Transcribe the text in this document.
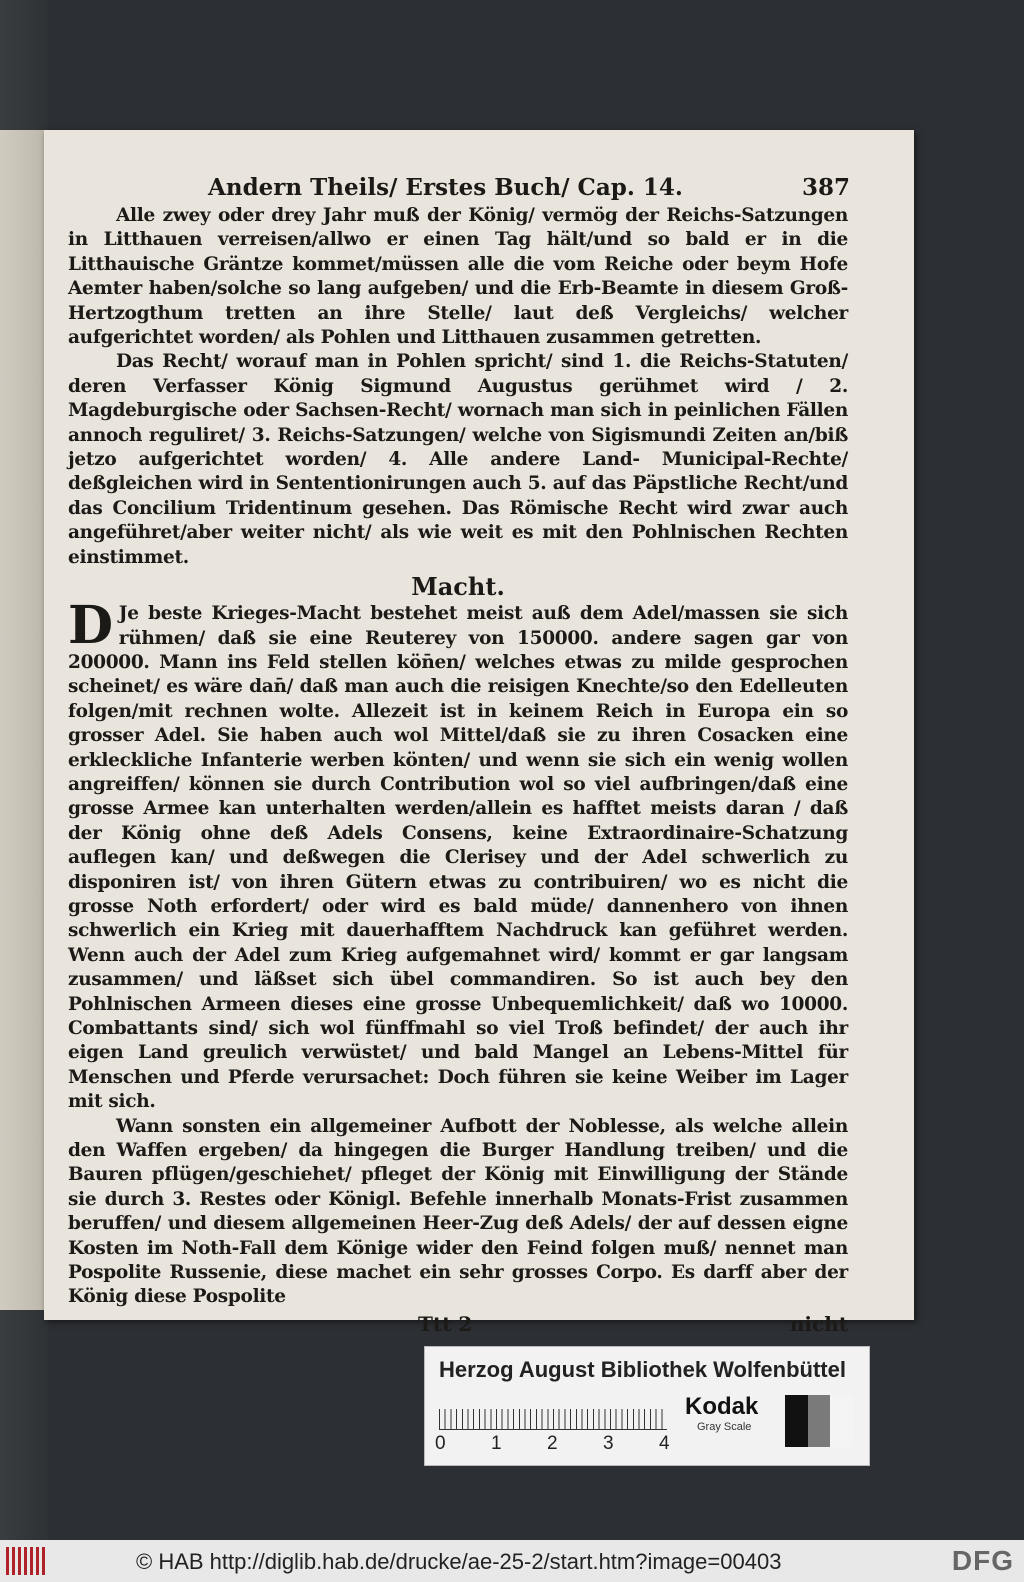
Andern Theils/ Erstes Buch/ Cap. 14.	387

Alle zwey oder drey Jahr muß der König/ vermög der Reichs-Satzungen in Litthauen verreisen/allwo er einen Tag hält/und so bald er in die Litthauische Gräntze kommet/müssen alle die vom Reiche oder beym Hofe Aemter haben/solche so lang aufgeben/ und die Erb-Beamte in diesem Groß-Hertzogthum tretten an ihre Stelle/ laut deß Vergleichs/ welcher aufgerichtet worden/ als Pohlen und Litthauen zusammen getretten.

Das Recht/ worauf man in Pohlen spricht/ sind 1. die Reichs-Statuten/ deren Verfasser König Sigmund Augustus gerühmet wird / 2. Magdeburgische oder Sachsen-Recht/ wornach man sich in peinlichen Fällen annoch reguliret/ 3. Reichs-Satzungen/ welche von Sigismundi Zeiten an/biß jetzo aufgerichtet worden/ 4. Alle andere Land- Municipal-Rechte/ deßgleichen wird in Sententionirungen auch 5. auf das Päpstliche Recht/und das Concilium Tridentinum gesehen. Das Römische Recht wird zwar auch angeführet/aber weiter nicht/ als wie weit es mit den Pohlnischen Rechten einstimmet.

Macht.

D Je beste Krieges-Macht bestehet meist auß dem Adel/massen sie sich rühmen/ daß sie eine Reuterey von 150000. andere sagen gar von 200000. Mann ins Feld stellen kön̄en/ welches etwas zu milde gesprochen scheinet/ es wäre dan̄/ daß man auch die reisigen Knechte/so den Edelleuten folgen/mit rechnen wolte. Allezeit ist in keinem Reich in Europa ein so grosser Adel. Sie haben auch wol Mittel/daß sie zu ihren Cosacken eine erkleckliche Infanterie werben könten/ und wenn sie sich ein wenig wollen angreiffen/ können sie durch Contribution wol so viel aufbringen/daß eine grosse Armee kan unterhalten werden/allein es hafftet meists daran / daß der König ohne deß Adels Consens, keine Extraordinaire-Schatzung auflegen kan/ und deßwegen die Clerisey und der Adel schwerlich zu disponiren ist/ von ihren Gütern etwas zu contribuiren/ wo es nicht die grosse Noth erfordert/ oder wird es bald müde/ dannenhero von ihnen schwerlich ein Krieg mit dauerhafftem Nachdruck kan geführet werden. Wenn auch der Adel zum Krieg aufgemahnet wird/ kommt er gar langsam zusammen/ und läßset sich übel commandiren. So ist auch bey den Pohlnischen Armeen dieses eine grosse Unbequemlichkeit/ daß wo 10000. Combattants sind/ sich wol fünffmahl so viel Troß befindet/ der auch ihr eigen Land greulich verwüstet/ und bald Mangel an Lebens-Mittel für Menschen und Pferde verursachet: Doch führen sie keine Weiber im Lager mit sich.

Wann sonsten ein allgemeiner Aufbott der Noblesse, als welche allein den Waffen ergeben/ da hingegen die Burger Handlung treiben/ und die Bauren pflügen/geschiehet/ pfleget der König mit Einwilligung der Stände sie durch 3. Restes oder Königl. Befehle innerhalb Monats-Frist zusammen beruffen/ und diesem allgemeinen Heer-Zug deß Adels/ der auf dessen eigne Kosten im Noth-Fall dem Könige wider den Feind folgen muß/ nennet man Pospolite Russenie, diese machet ein sehr grosses Corpo. Es darff aber der König diese Pospolite

Ttt 2	nicht
Herzog August Bibliothek Wolfenbüttel
0 1 2 3 4
Kodak
Gray Scale
© HAB http://diglib.hab.de/drucke/ae-25-2/start.htm?image=00403	DFG
